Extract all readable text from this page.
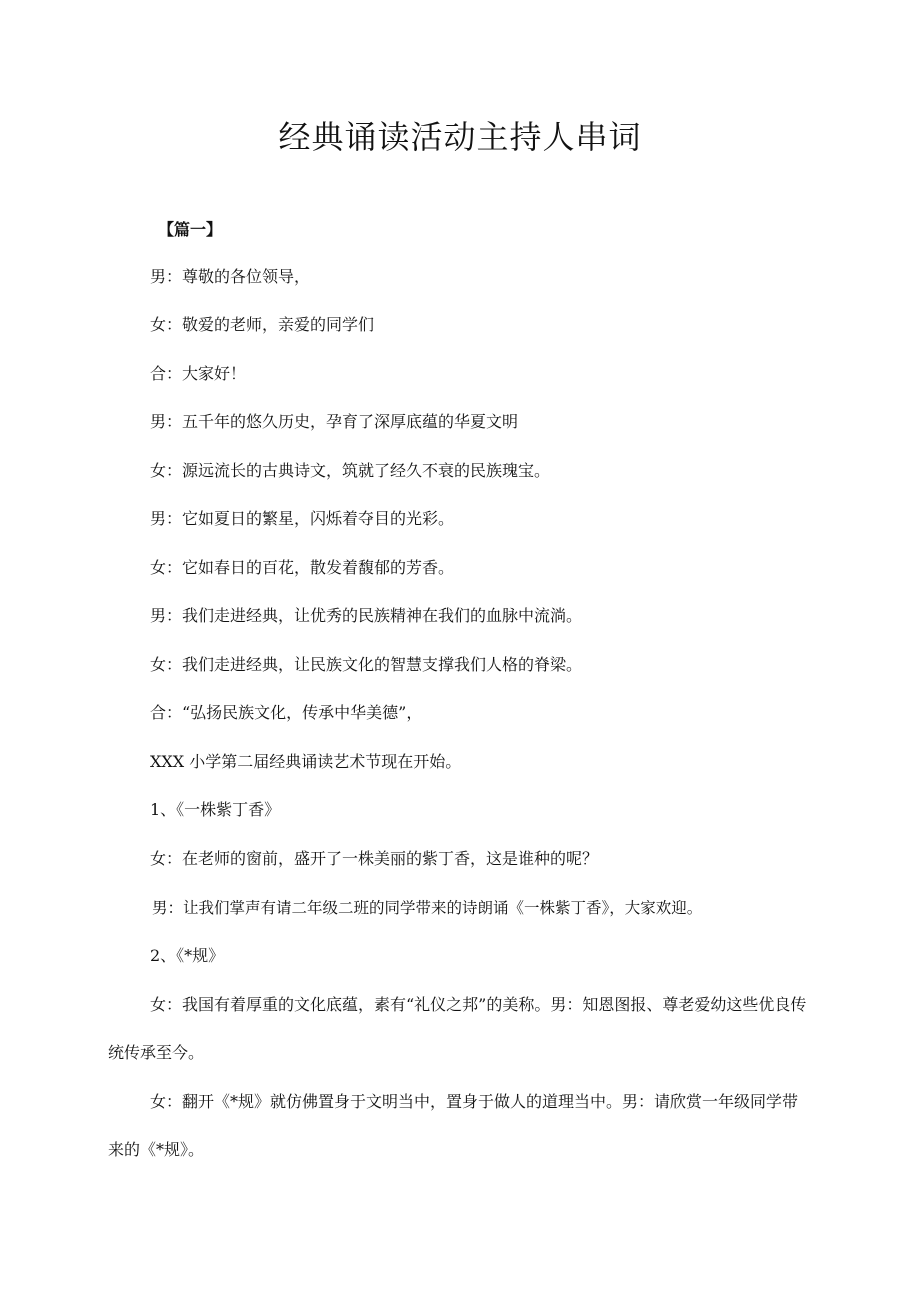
经典诵读活动主持人串词
【篇一】
男：尊敬的各位领导，
女：敬爱的老师，亲爱的同学们
合：大家好！
男：五千年的悠久历史，孕育了深厚底蕴的华夏文明
女：源远流长的古典诗文，筑就了经久不衰的民族瑰宝。
男：它如夏日的繁星，闪烁着夺目的光彩。
女：它如春日的百花，散发着馥郁的芳香。
男：我们走进经典，让优秀的民族精神在我们的血脉中流淌。
女：我们走进经典，让民族文化的智慧支撑我们人格的脊梁。
合：“弘扬民族文化，传承中华美德”，
XXX 小学第二届经典诵读艺术节现在开始。
1、《一株紫丁香》
女：在老师的窗前，盛开了一株美丽的紫丁香，这是谁种的呢？
男：让我们掌声有请二年级二班的同学带来的诗朗诵《一株紫丁香》，大家欢迎。
2、《*规》

女：我国有着厚重的文化底蕴，素有“礼仪之邦”的美称。男：知恩图报、尊老爱幼这些优良传统传承至今。

女：翻开《*规》就仿佛置身于文明当中，置身于做人的道理当中。男：请欣赏一年级同学带来的《*规》。
